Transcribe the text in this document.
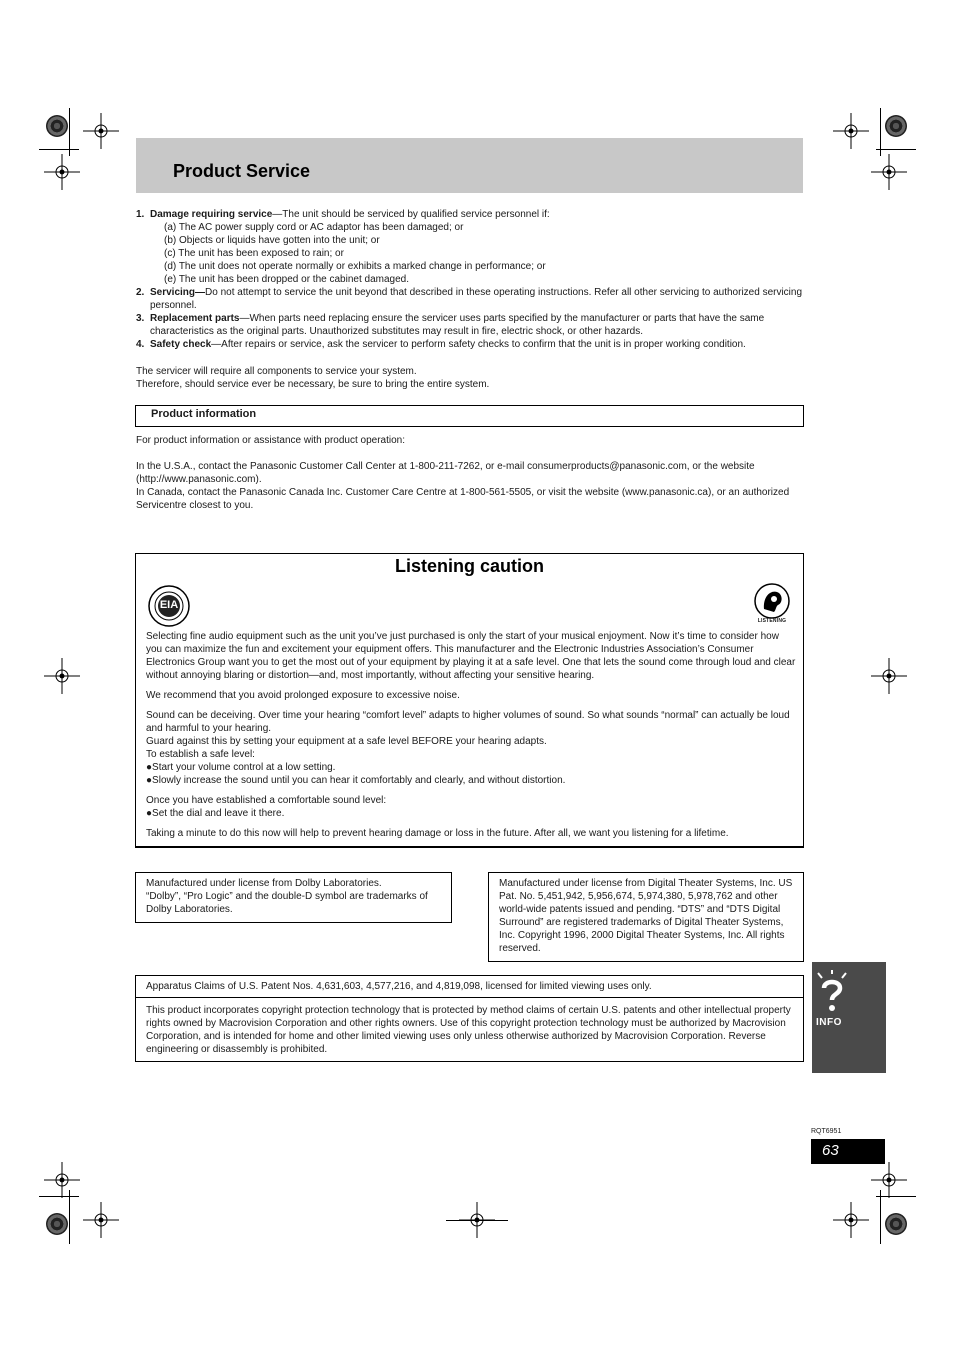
Product Service
1. Damage requiring service—The unit should be serviced by qualified service personnel if:
(a) The AC power supply cord or AC adaptor has been damaged; or
(b) Objects or liquids have gotten into the unit; or
(c) The unit has been exposed to rain; or
(d) The unit does not operate normally or exhibits a marked change in performance; or
(e) The unit has been dropped or the cabinet damaged.
2. Servicing—Do not attempt to service the unit beyond that described in these operating instructions. Refer all other servicing to authorized servicing personnel.
3. Replacement parts—When parts need replacing ensure the servicer uses parts specified by the manufacturer or parts that have the same characteristics as the original parts. Unauthorized substitutes may result in fire, electric shock, or other hazards.
4. Safety check—After repairs or service, ask the servicer to perform safety checks to confirm that the unit is in proper working condition.
The servicer will require all components to service your system.
Therefore, should service ever be necessary, be sure to bring the entire system.
Product information
For product information or assistance with product operation:
In the U.S.A., contact the Panasonic Customer Call Center at 1-800-211-7262, or e-mail consumerproducts@panasonic.com, or the website (http://www.panasonic.com).
In Canada, contact the Panasonic Canada Inc. Customer Care Centre at 1-800-561-5505, or visit the website (www.panasonic.ca), or an authorized Servicentre closest to you.
Listening caution
EIA
LISTENING

Selecting fine audio equipment such as the unit you’ve just purchased is only the start of your musical enjoyment. Now it’s time to consider how you can maximize the fun and excitement your equipment offers. This manufacturer and the Electronic Industries Association’s Consumer Electronics Group want you to get the most out of your equipment by playing it at a safe level. One that lets the sound come through loud and clear without annoying blaring or distortion—and, most importantly, without affecting your sensitive hearing.

We recommend that you avoid prolonged exposure to excessive noise.

Sound can be deceiving. Over time your hearing “comfort level” adapts to higher volumes of sound. So what sounds “normal” can actually be loud and harmful to your hearing.
Guard against this by setting your equipment at a safe level BEFORE your hearing adapts.
To establish a safe level:
●Start your volume control at a low setting.
●Slowly increase the sound until you can hear it comfortably and clearly, and without distortion.
Once you have established a comfortable sound level:
●Set the dial and leave it there.

Taking a minute to do this now will help to prevent hearing damage or loss in the future. After all, we want you listening for a lifetime.

Manufactured under license from Dolby Laboratories.
“Dolby”, “Pro Logic” and the double-D symbol are trademarks of Dolby Laboratories.
Manufactured under license from Digital Theater Systems, Inc. US Pat. No. 5,451,942, 5,956,674, 5,974,380, 5,978,762 and other world-wide patents issued and pending. “DTS” and “DTS Digital Surround” are registered trademarks of Digital Theater Systems, Inc. Copyright 1996, 2000 Digital Theater Systems, Inc. All rights reserved.
Apparatus Claims of U.S. Patent Nos. 4,631,603, 4,577,216, and 4,819,098, licensed for limited viewing uses only.
This product incorporates copyright protection technology that is protected by method claims of certain U.S. patents and other intellectual property rights owned by Macrovision Corporation and other rights owners. Use of this copyright protection technology must be authorized by Macrovision Corporation, and is intended for home and other limited viewing uses only unless otherwise authorized by Macrovision Corporation. Reverse engineering or disassembly is prohibited.
INFO
RQT6951
63
